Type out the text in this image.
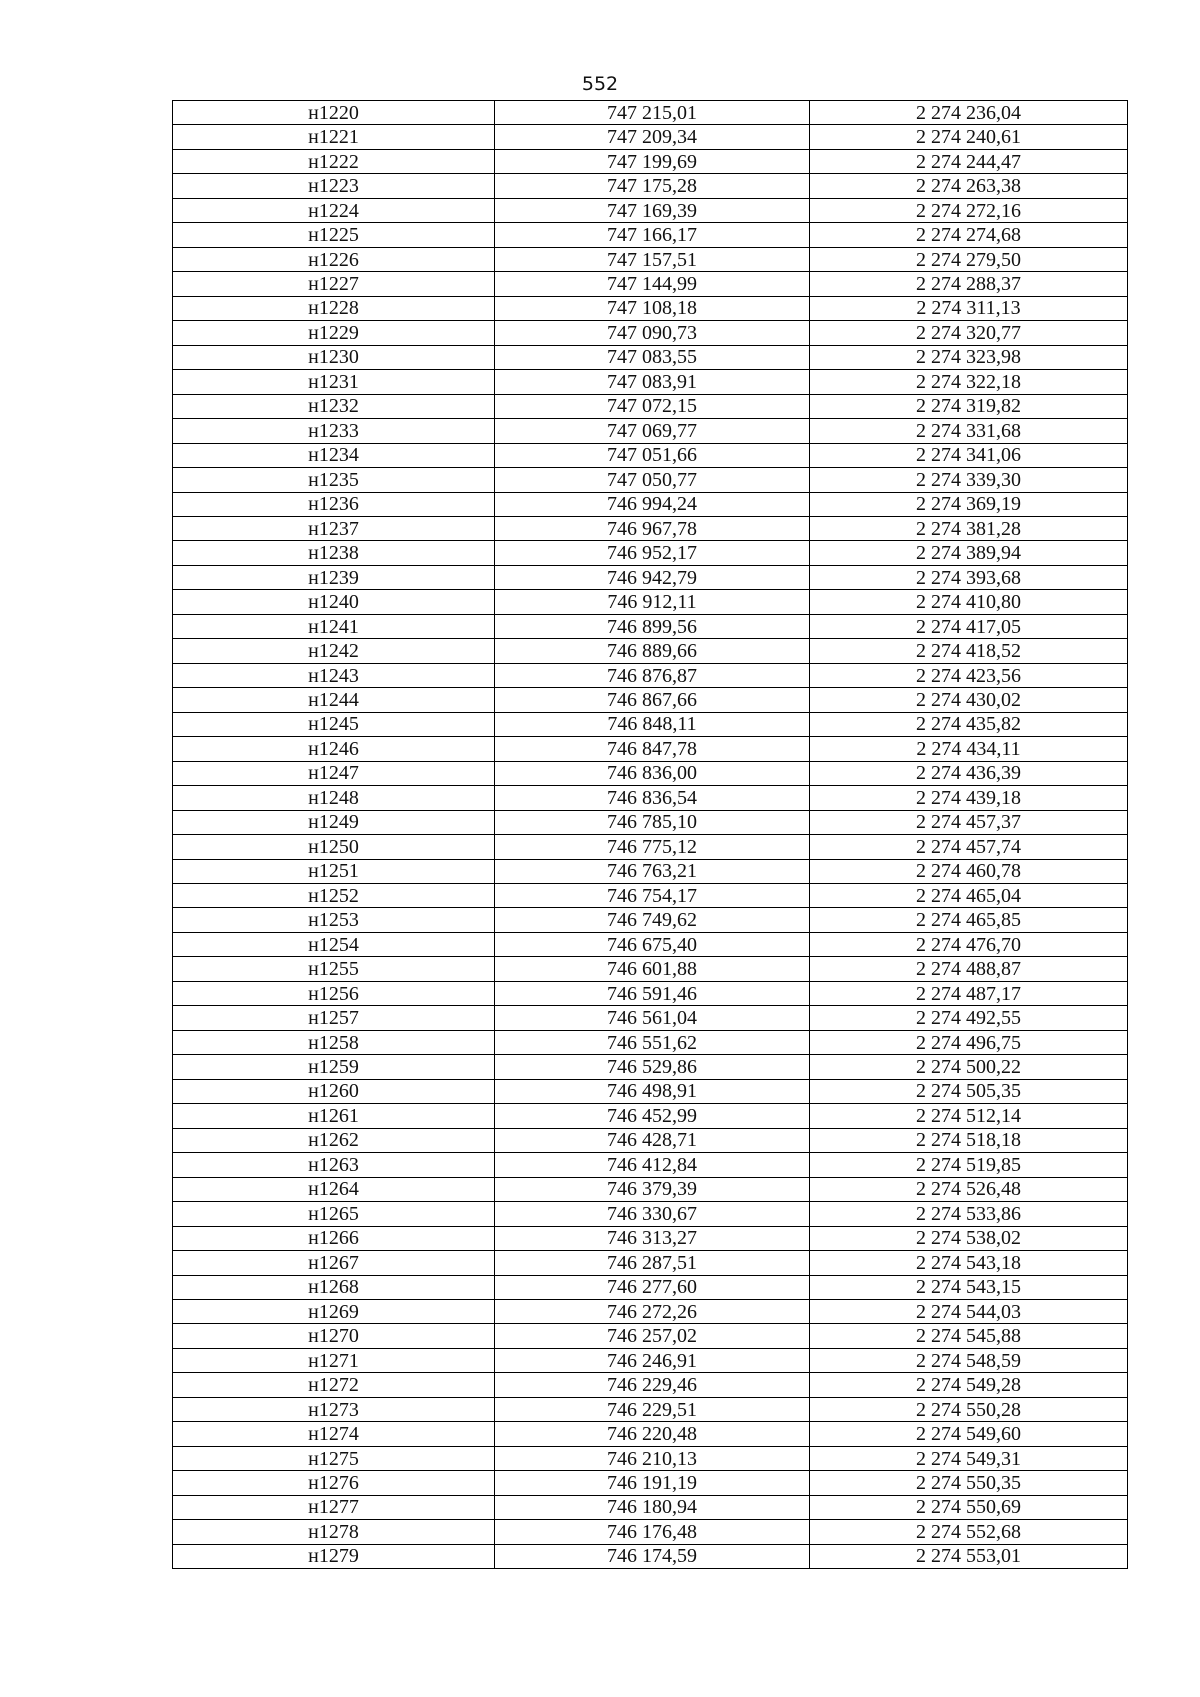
552
н1220	747 215,01	2 274 236,04
н1221	747 209,34	2 274 240,61
н1222	747 199,69	2 274 244,47
н1223	747 175,28	2 274 263,38
н1224	747 169,39	2 274 272,16
н1225	747 166,17	2 274 274,68
н1226	747 157,51	2 274 279,50
н1227	747 144,99	2 274 288,37
н1228	747 108,18	2 274 311,13
н1229	747 090,73	2 274 320,77
н1230	747 083,55	2 274 323,98
н1231	747 083,91	2 274 322,18
н1232	747 072,15	2 274 319,82
н1233	747 069,77	2 274 331,68
н1234	747 051,66	2 274 341,06
н1235	747 050,77	2 274 339,30
н1236	746 994,24	2 274 369,19
н1237	746 967,78	2 274 381,28
н1238	746 952,17	2 274 389,94
н1239	746 942,79	2 274 393,68
н1240	746 912,11	2 274 410,80
н1241	746 899,56	2 274 417,05
н1242	746 889,66	2 274 418,52
н1243	746 876,87	2 274 423,56
н1244	746 867,66	2 274 430,02
н1245	746 848,11	2 274 435,82
н1246	746 847,78	2 274 434,11
н1247	746 836,00	2 274 436,39
н1248	746 836,54	2 274 439,18
н1249	746 785,10	2 274 457,37
н1250	746 775,12	2 274 457,74
н1251	746 763,21	2 274 460,78
н1252	746 754,17	2 274 465,04
н1253	746 749,62	2 274 465,85
н1254	746 675,40	2 274 476,70
н1255	746 601,88	2 274 488,87
н1256	746 591,46	2 274 487,17
н1257	746 561,04	2 274 492,55
н1258	746 551,62	2 274 496,75
н1259	746 529,86	2 274 500,22
н1260	746 498,91	2 274 505,35
н1261	746 452,99	2 274 512,14
н1262	746 428,71	2 274 518,18
н1263	746 412,84	2 274 519,85
н1264	746 379,39	2 274 526,48
н1265	746 330,67	2 274 533,86
н1266	746 313,27	2 274 538,02
н1267	746 287,51	2 274 543,18
н1268	746 277,60	2 274 543,15
н1269	746 272,26	2 274 544,03
н1270	746 257,02	2 274 545,88
н1271	746 246,91	2 274 548,59
н1272	746 229,46	2 274 549,28
н1273	746 229,51	2 274 550,28
н1274	746 220,48	2 274 549,60
н1275	746 210,13	2 274 549,31
н1276	746 191,19	2 274 550,35
н1277	746 180,94	2 274 550,69
н1278	746 176,48	2 274 552,68
н1279	746 174,59	2 274 553,01
